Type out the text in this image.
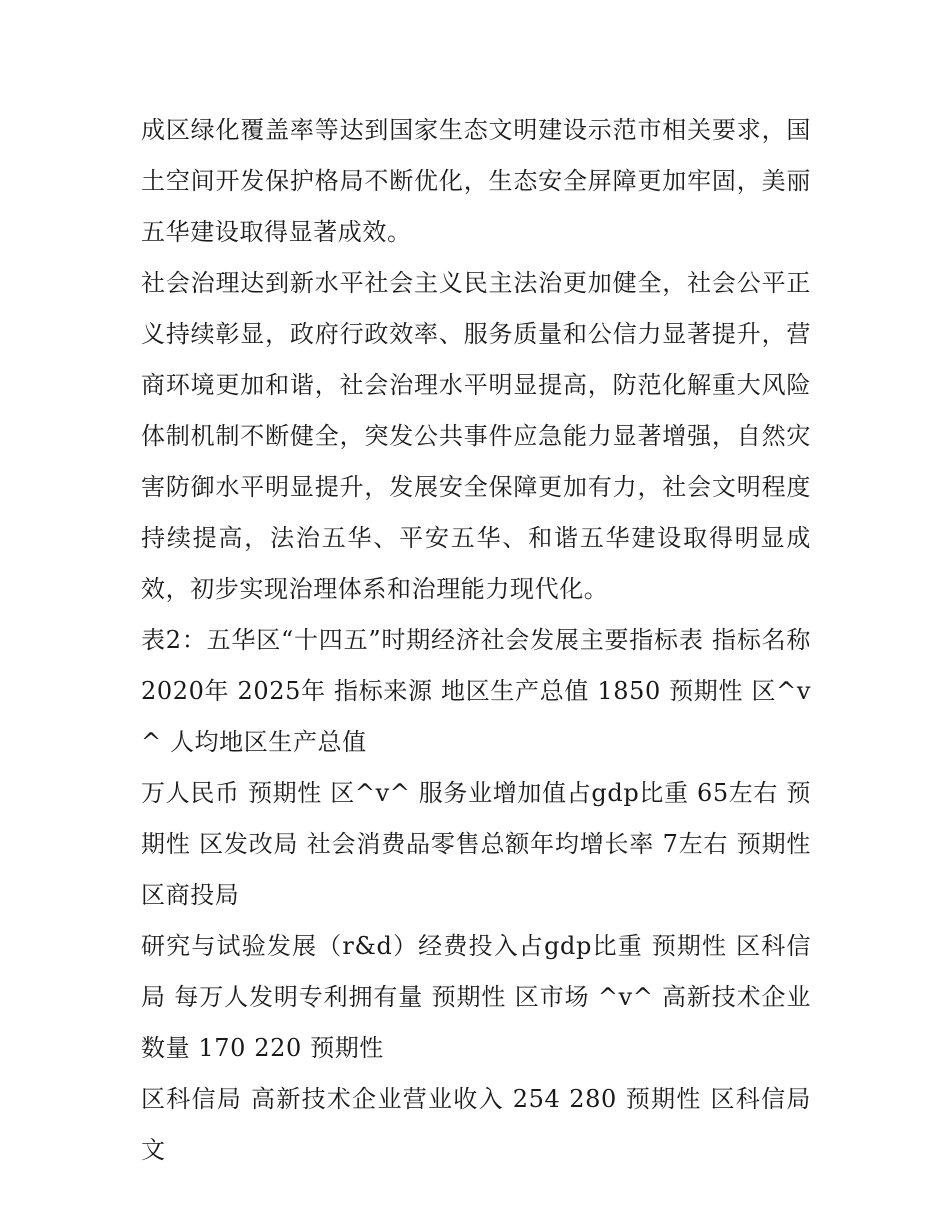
成区绿化覆盖率等达到国家生态文明建设示范市相关要求，国土空间开发保护格局不断优化，生态安全屏障更加牢固，美丽五华建设取得显著成效。

社会治理达到新水平社会主义民主法治更加健全，社会公平正义持续彰显，政府行政效率、服务质量和公信力显著提升，营商环境更加和谐，社会治理水平明显提高，防范化解重大风险体制机制不断健全，突发公共事件应急能力显著增强，自然灾害防御水平明显提升，发展安全保障更加有力，社会文明程度持续提高，法治五华、平安五华、和谐五华建设取得明显成效，初步实现治理体系和治理能力现代化。

表2：五华区“十四五”时期经济社会发展主要指标表 指标名称 2020年 2025年 指标来源 地区生产总值 1850 预期性 区^v^ 人均地区生产总值

万人民币 预期性 区^v^ 服务业增加值占gdp比重 65左右 预期性 区发改局 社会消费品零售总额年均增长率 7左右 预期性 区商投局

研究与试验发展（r&d）经费投入占gdp比重 预期性 区科信局 每万人发明专利拥有量 预期性 区市场 ^v^ 高新技术企业数量 170 220 预期性

区科信局 高新技术企业营业收入 254 280 预期性 区科信局 文
